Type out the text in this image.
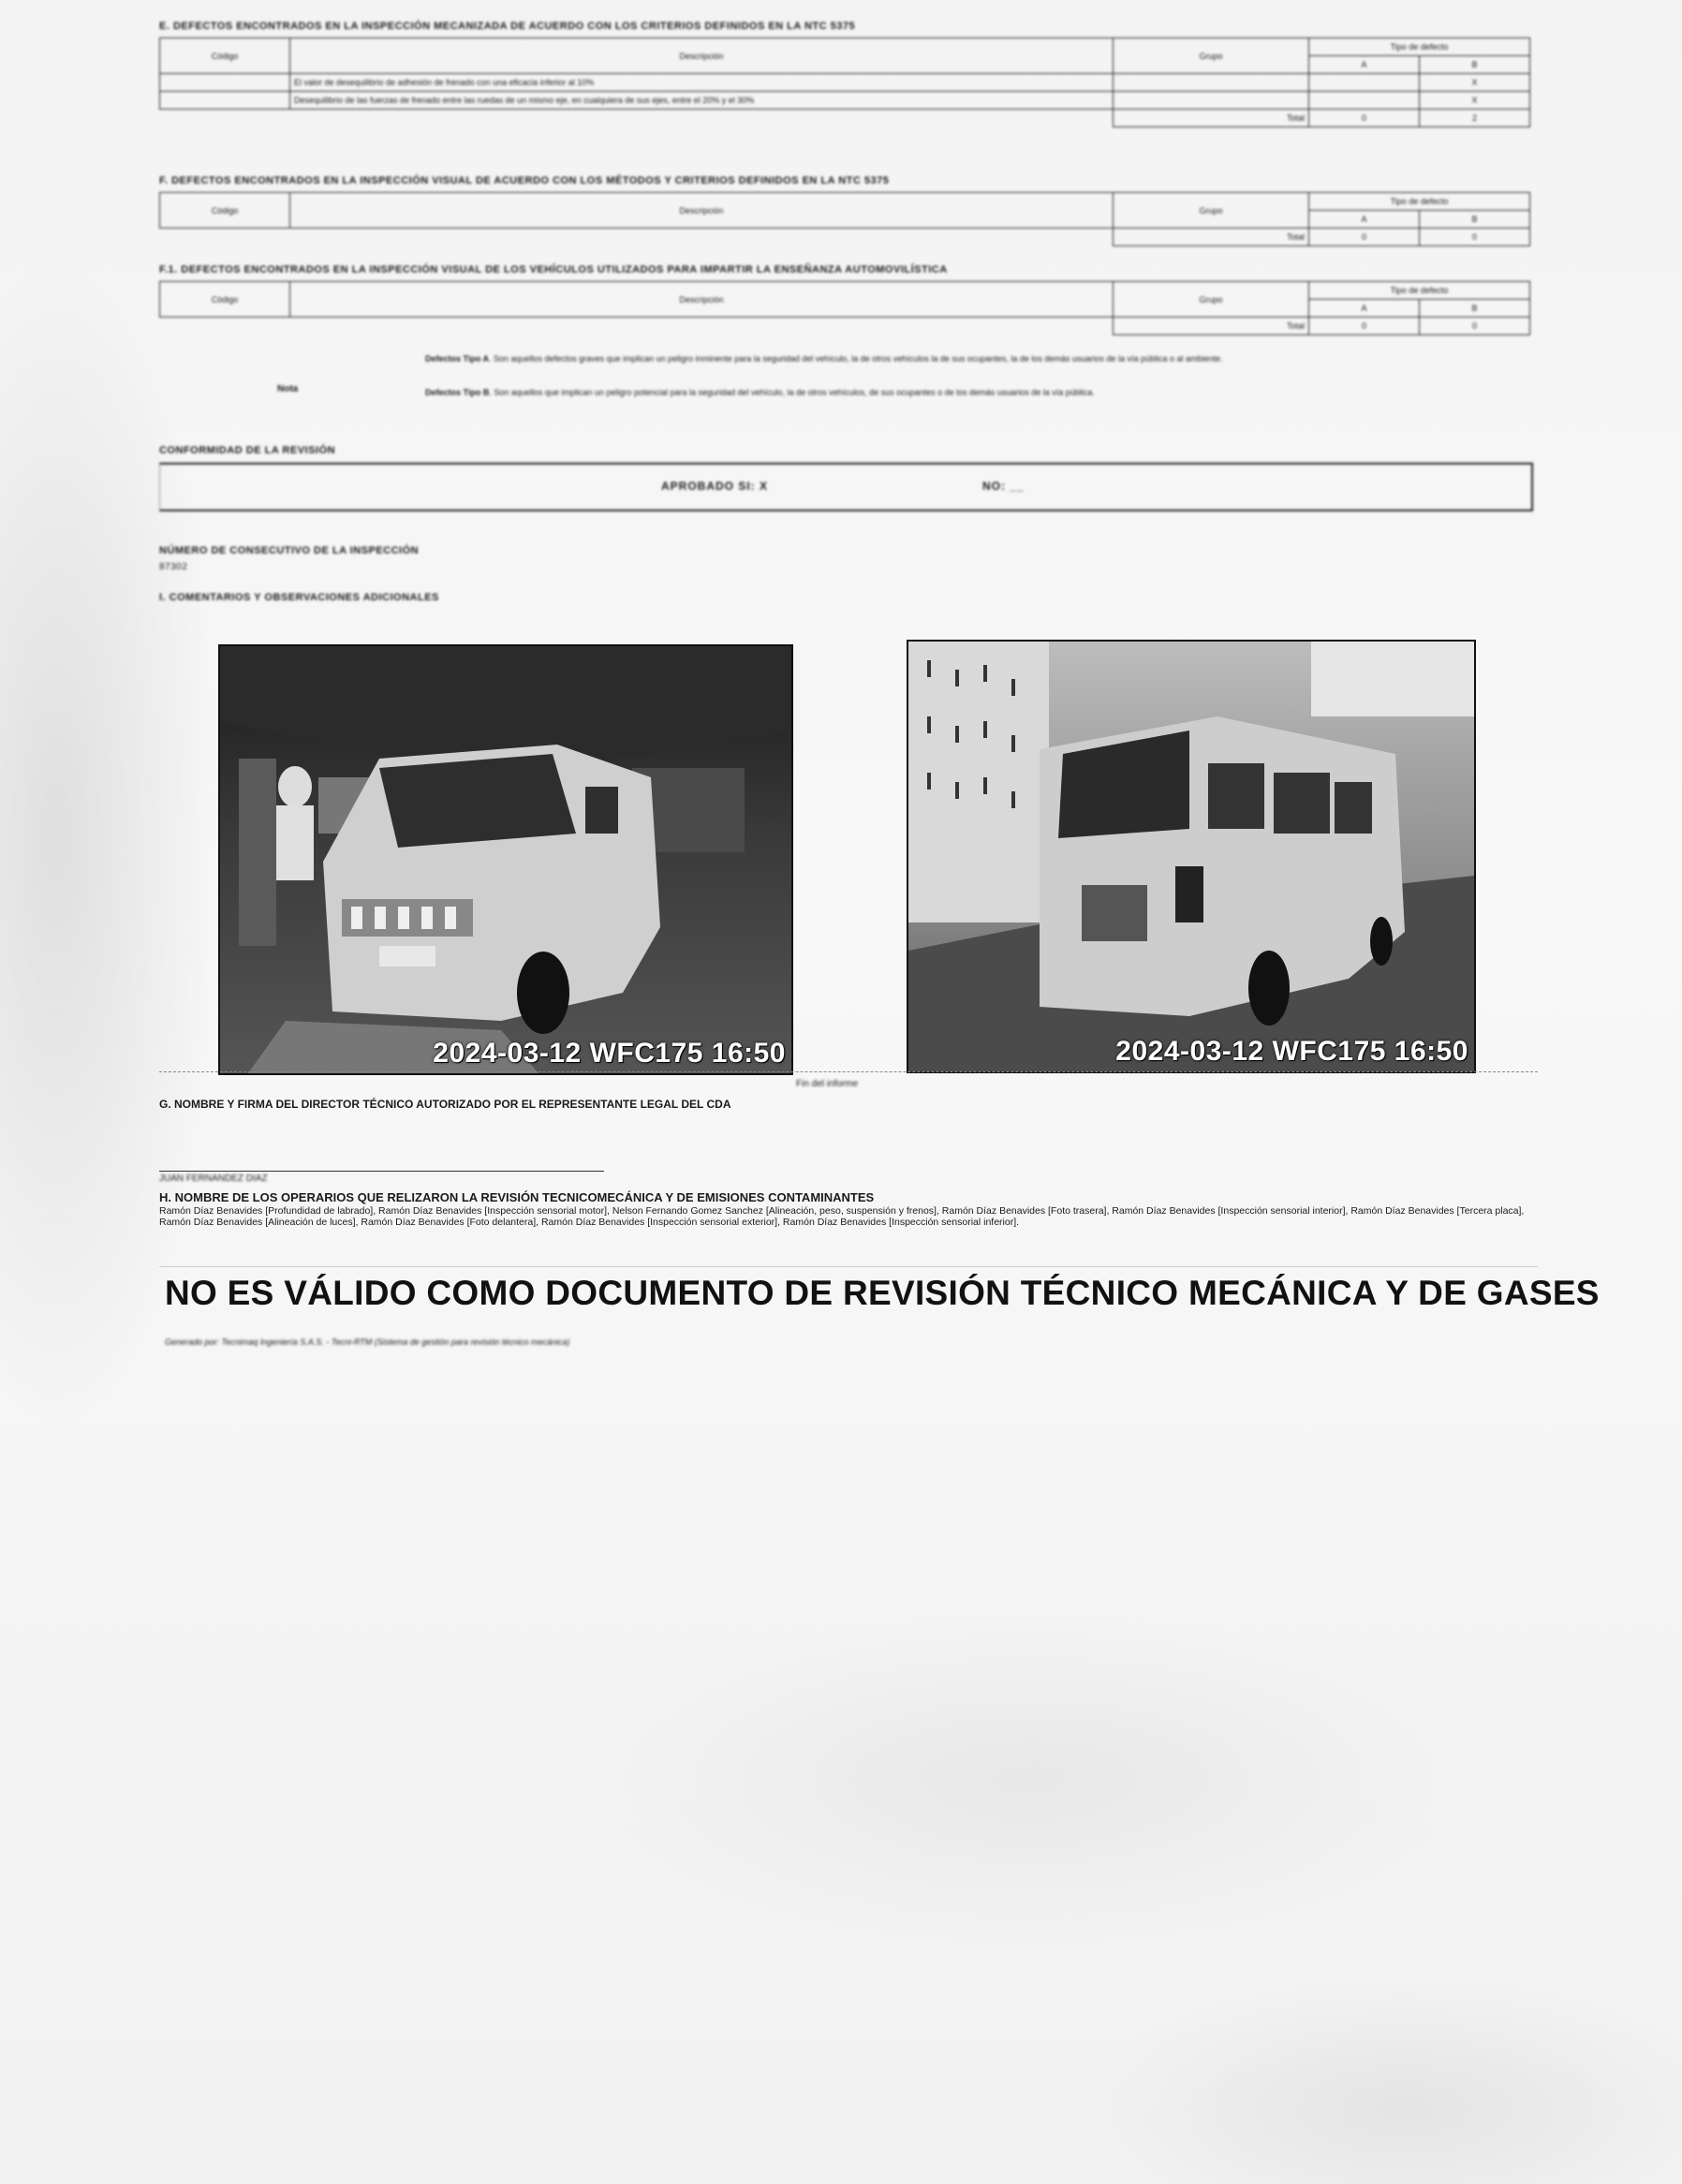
E. DEFECTOS ENCONTRADOS EN LA INSPECCIÓN MECANIZADA DE ACUERDO CON LOS CRITERIOS DEFINIDOS EN LA NTC 5375
Código	Descripción	Grupo	Tipo de defecto	
			A	B
	El valor de desequilibrio de adhesión de frenado con una eficacia inferior al 10%			X
	Desequilibrio de las fuerzas de frenado entre las ruedas de un mismo eje, en cualquiera de sus ejes, entre el 20% y el 30%			X
		Total	0	2
F. DEFECTOS ENCONTRADOS EN LA INSPECCIÓN VISUAL DE ACUERDO CON LOS MÉTODOS Y CRITERIOS DEFINIDOS EN LA NTC 5375
Código	Descripción	Grupo	Tipo de defecto	
			A	B
		Total	0	0
F.1. DEFECTOS ENCONTRADOS EN LA INSPECCIÓN VISUAL DE LOS VEHÍCULOS UTILIZADOS PARA IMPARTIR LA ENSEÑANZA AUTOMOVILÍSTICA
Código	Descripción	Grupo	Tipo de defecto	
			A	B
		Total	0	0
Nota
Defectos Tipo A. Son aquellos defectos graves que implican un peligro inminente para la seguridad del vehículo, la de otros vehículos la de sus ocupantes, la de los demás usuarios de la vía pública o al ambiente.
Defectos Tipo B. Son aquellos que implican un peligro potencial para la seguridad del vehículo, la de otros vehículos, de sus ocupantes o de los demás usuarios de la vía pública.
CONFORMIDAD DE LA REVISIÓN
APROBADO SI: X	NO: __
NÚMERO DE CONSECUTIVO DE LA INSPECCIÓN
87302
I. COMENTARIOS Y OBSERVACIONES ADICIONALES
2024-03-12 WFC175 16:50	2024-03-12 WFC175 16:50
Fin del informe
G. NOMBRE Y FIRMA DEL DIRECTOR TÉCNICO AUTORIZADO POR EL REPRESENTANTE LEGAL DEL CDA
JUAN FERNANDEZ DIAZ
H. NOMBRE DE LOS OPERARIOS QUE RELIZARON LA REVISIÓN TECNICOMECÁNICA Y DE EMISIONES CONTAMINANTES
Ramón Díaz Benavides [Profundidad de labrado], Ramón Díaz Benavides [Inspección sensorial motor], Nelson Fernando Gomez Sanchez [Alineación, peso, suspensión y frenos], Ramón Díaz Benavides [Foto trasera], Ramón Díaz Benavides [Inspección sensorial interior], Ramón Díaz Benavides [Tercera placa], Ramón Díaz Benavides [Alineación de luces], Ramón Díaz Benavides [Foto delantera], Ramón Díaz Benavides [Inspección sensorial exterior], Ramón Díaz Benavides [Inspección sensorial inferior].
NO ES VÁLIDO COMO DOCUMENTO DE REVISIÓN TÉCNICO MECÁNICA Y DE GASES
Generado por: Tecnimaq Ingeniería S.A.S. - Tecni-RTM (Sistema de gestión para revisión técnico mecánica)
